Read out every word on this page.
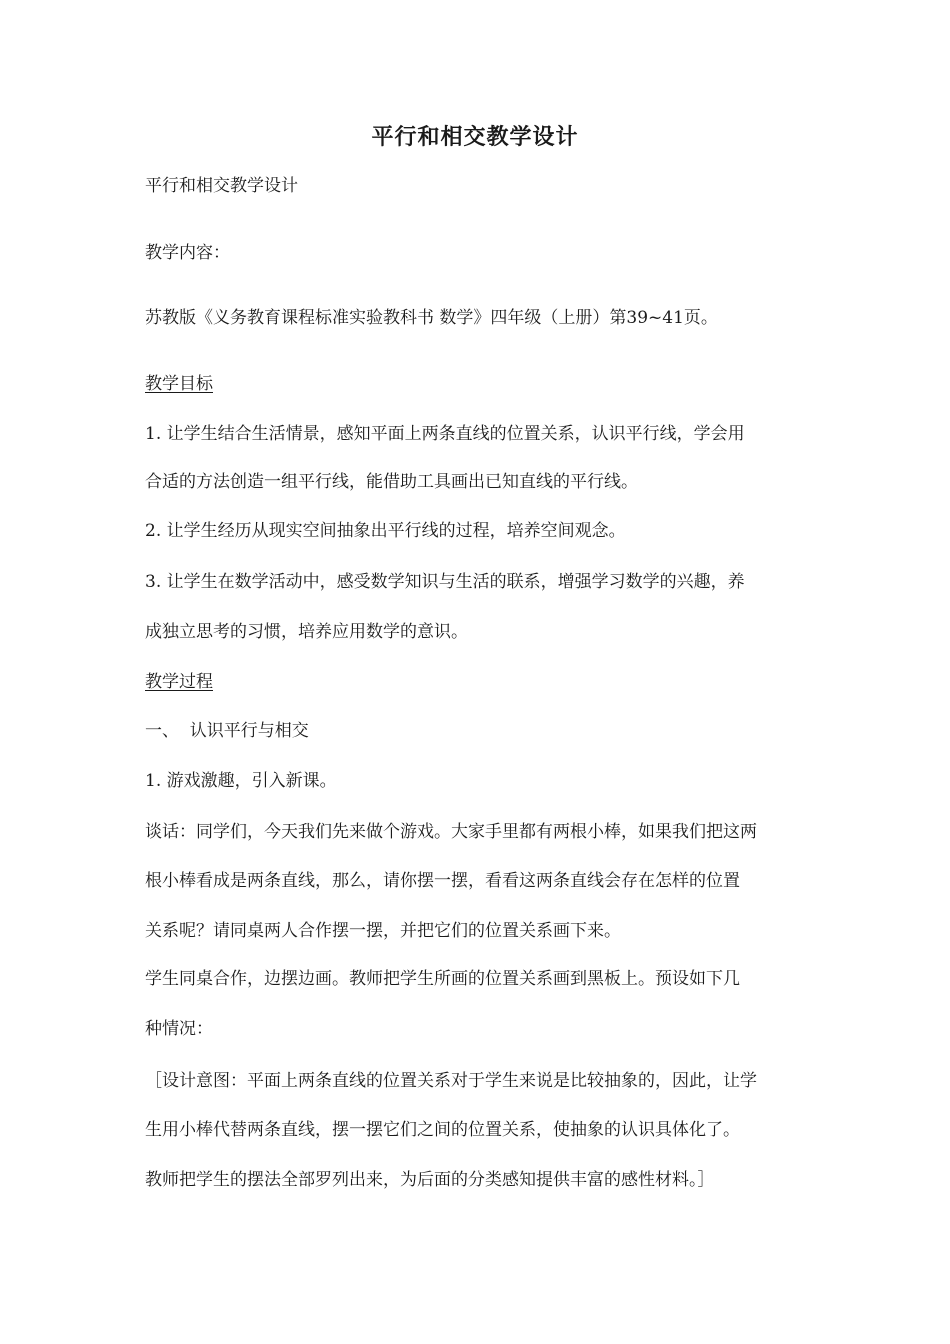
平行和相交教学设计
平行和相交教学设计
教学内容：
苏教版《义务教育课程标准实验教科书 数学》四年级（上册）第39~41页。
教学目标
1. 让学生结合生活情景，感知平面上两条直线的位置关系，认识平行线，学会用
合适的方法创造一组平行线，能借助工具画出已知直线的平行线。
2. 让学生经历从现实空间抽象出平行线的过程，培养空间观念。
3. 让学生在数学活动中，感受数学知识与生活的联系，增强学习数学的兴趣，养
成独立思考的习惯，培养应用数学的意识。
教学过程
一、  认识平行与相交
1. 游戏激趣，引入新课。
谈话：同学们，今天我们先来做个游戏。大家手里都有两根小棒，如果我们把这两
根小棒看成是两条直线，那么，请你摆一摆，看看这两条直线会存在怎样的位置
关系呢？请同桌两人合作摆一摆，并把它们的位置关系画下来。
学生同桌合作，边摆边画。教师把学生所画的位置关系画到黑板上。预设如下几
种情况：
［设计意图：平面上两条直线的位置关系对于学生来说是比较抽象的，因此，让学
生用小棒代替两条直线，摆一摆它们之间的位置关系，使抽象的认识具体化了。
教师把学生的摆法全部罗列出来，为后面的分类感知提供丰富的感性材料。］
